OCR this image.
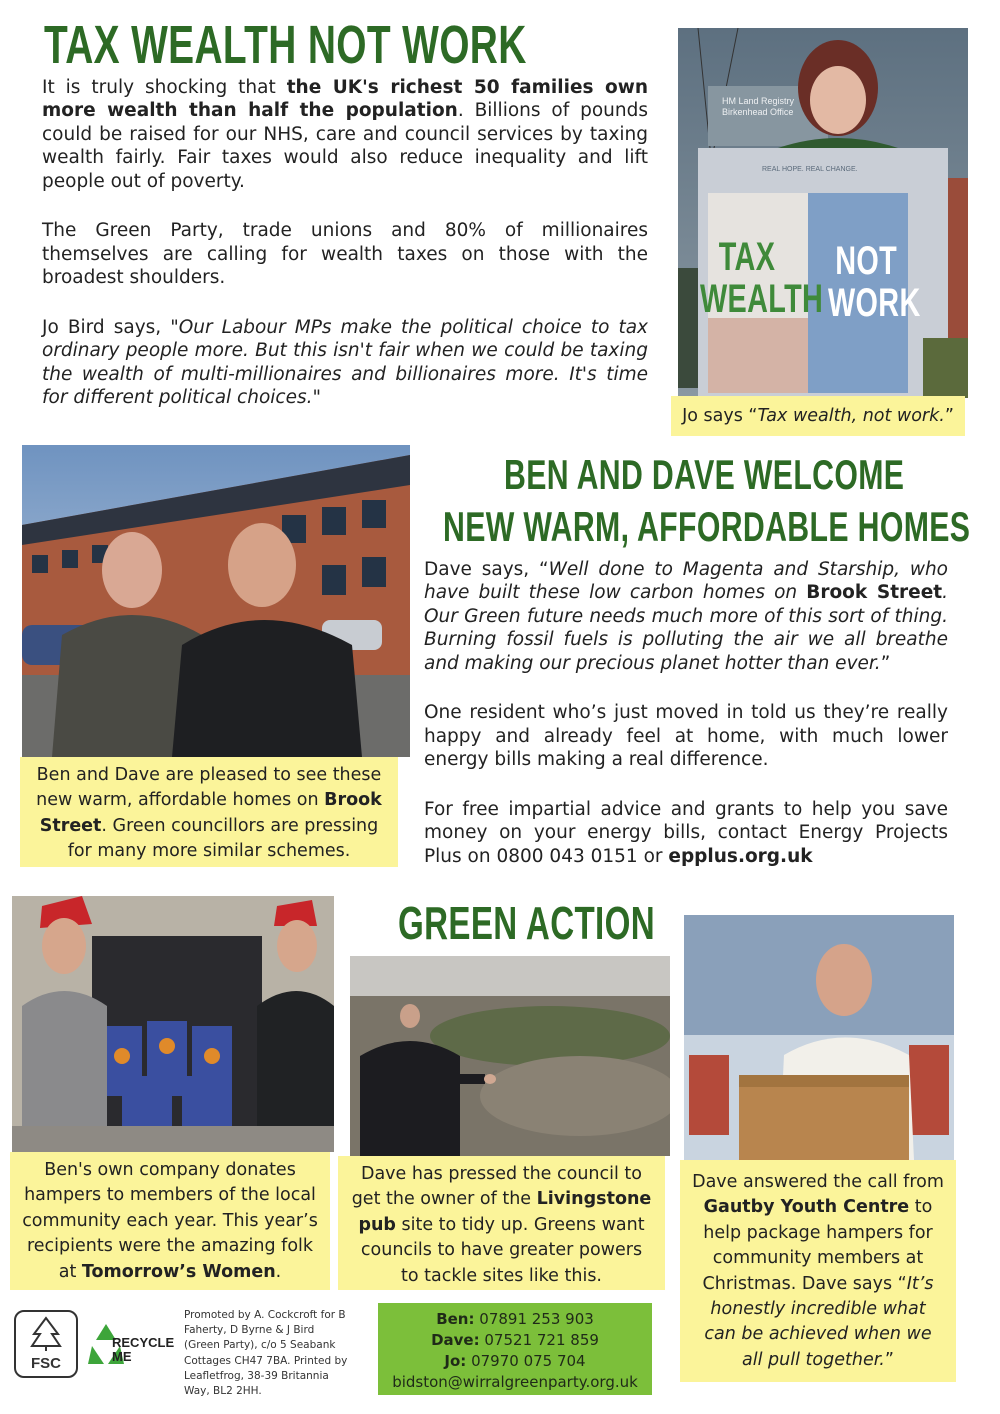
TAX WEALTH NOT WORK

It is truly shocking that the UK's richest 50 families own more wealth than half the population. Billions of pounds could be raised for our NHS, care and council services by taxing wealth fairly. Fair taxes would also reduce inequality and lift people out of poverty.

The Green Party, trade unions and 80% of millionaires themselves are calling for wealth taxes on those with the broadest shoulders.

Jo Bird says, "Our Labour MPs make the political choice to tax ordinary people more. But this isn't fair when we could be taxing the wealth of multi-millionaires and billionaires more. It's time for different political choices."

HM Land Registry
Birkenhead Office
REAL HOPE. REAL CHANGE.
TAX
WEALTH
NOT
WORK
Jo says “Tax wealth, not work.”
BEN AND DAVE WELCOME
NEW WARM, AFFORDABLE HOMES

Dave says, “Well done to Magenta and Starship, who have built these low carbon homes on Brook Street. Our Green future needs much more of this sort of thing. Burning fossil fuels is polluting the air we all breathe and making our precious planet hotter than ever.”

One resident who’s just moved in told us they’re really happy and already feel at home, with much lower energy bills making a real difference.

For free impartial advice and grants to help you save money on your energy bills, contact Energy Projects Plus on 0800 043 0151 or epplus.org.uk

Ben and Dave are pleased to see these new warm, affordable homes on Brook Street. Green councillors are pressing for many more similar schemes.
GREEN ACTION
Ben's own company donates hampers to members of the local community each year. This year’s recipients were the amazing folk at Tomorrow’s Women.
Dave has pressed the council to get the owner of the Livingstone pub site to tidy up. Greens want councils to have greater powers to tackle sites like this.
Dave answered the call from Gautby Youth Centre to help package hampers for community members at Christmas. Dave says “It’s honestly incredible what can be achieved when we all pull together.”
FSC
RECYCLE
ME
Promoted by A. Cockcroft for B Faherty, D Byrne & J Bird (Green Party), c/o 5 Seabank Cottages CH47 7BA. Printed by Leafletfrog, 38-39 Britannia Way, BL2 2HH.
Ben: 07891 253 903
Dave: 07521 721 859
Jo: 07970 075 704
bidston@wirralgreenparty.org.uk
